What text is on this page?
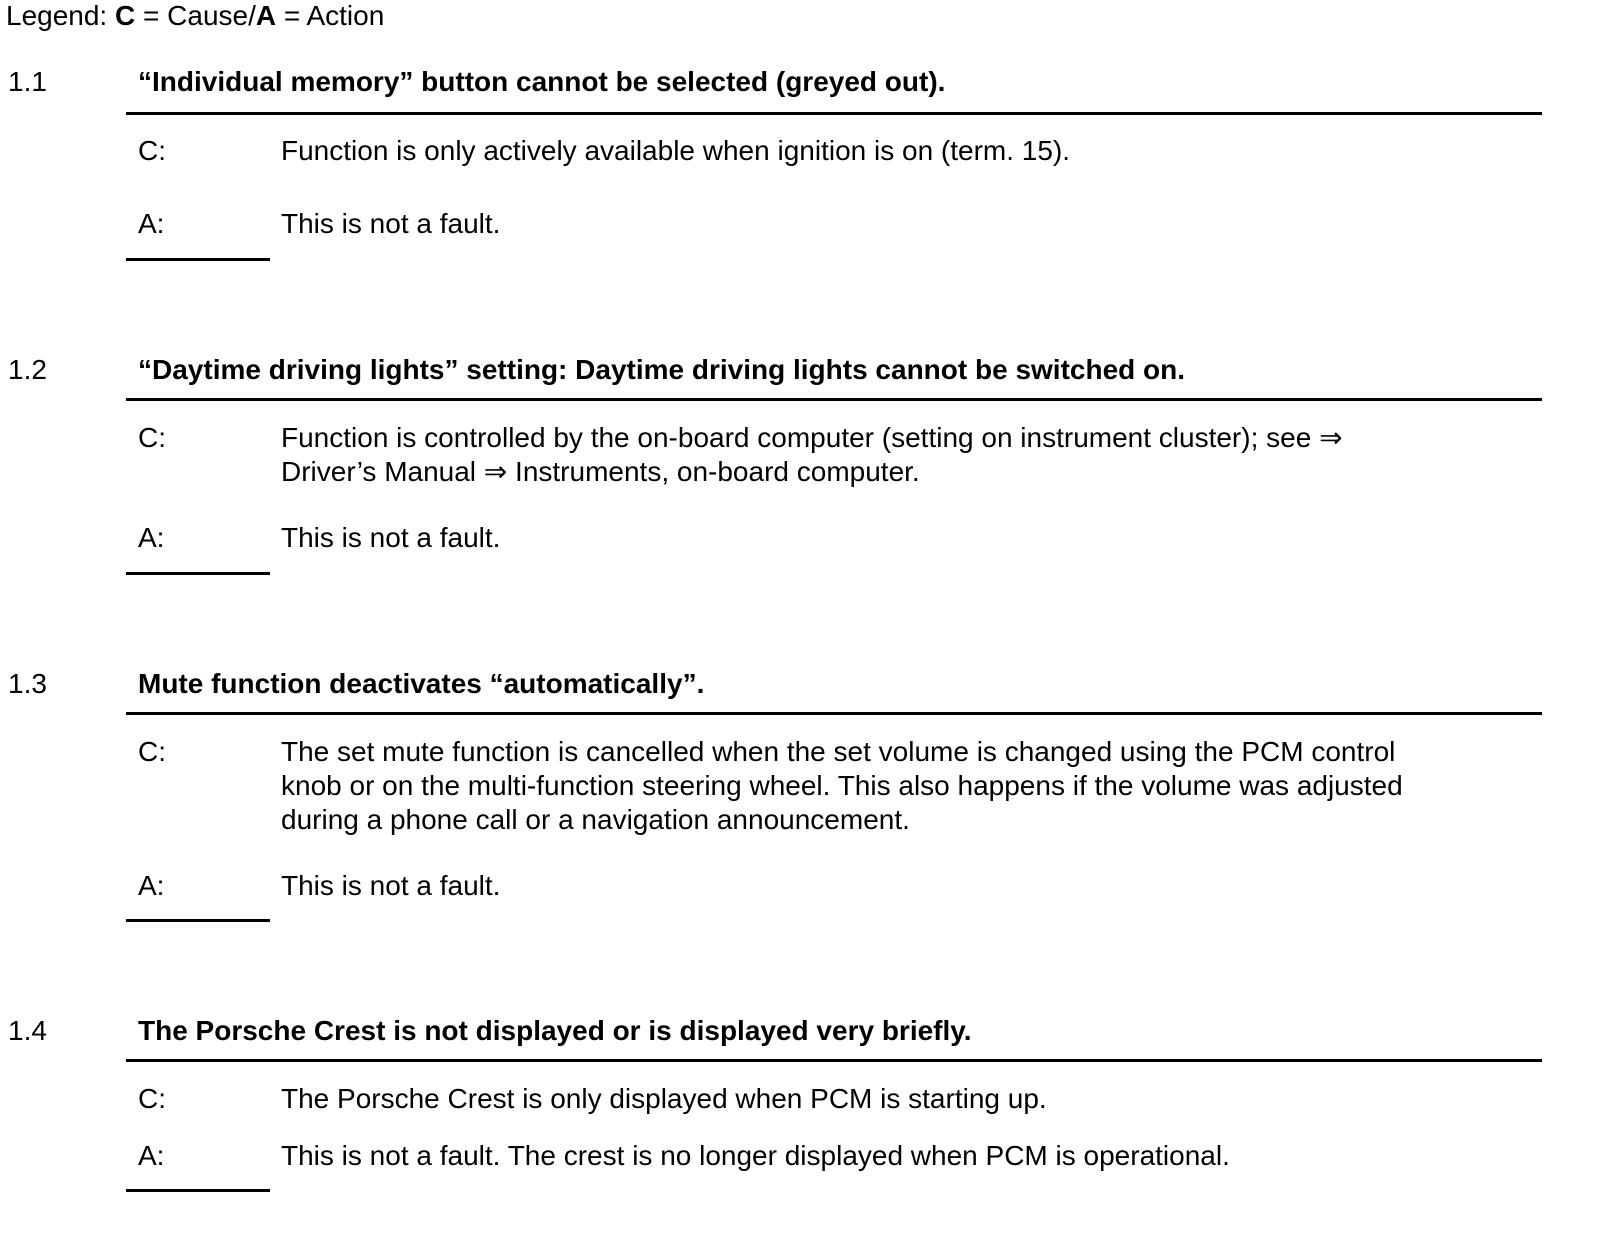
Legend: C = Cause/A = Action
1.1	“Individual memory” button cannot be selected (greyed out).
C:	Function is only actively available when ignition is on (term. 15).
A:	This is not a fault.
1.2	“Daytime driving lights” setting: Daytime driving lights cannot be switched on.
C:	Function is controlled by the on-board computer (setting on instrument cluster); see ⇒
Driver’s Manual ⇒ Instruments, on-board computer.
A:	This is not a fault.
1.3	Mute function deactivates “automatically”.
C:	The set mute function is cancelled when the set volume is changed using the PCM control
knob or on the multi-function steering wheel. This also happens if the volume was adjusted
during a phone call or a navigation announcement.
A:	This is not a fault.
1.4	The Porsche Crest is not displayed or is displayed very briefly.
C:	The Porsche Crest is only displayed when PCM is starting up.
A:	This is not a fault. The crest is no longer displayed when PCM is operational.
